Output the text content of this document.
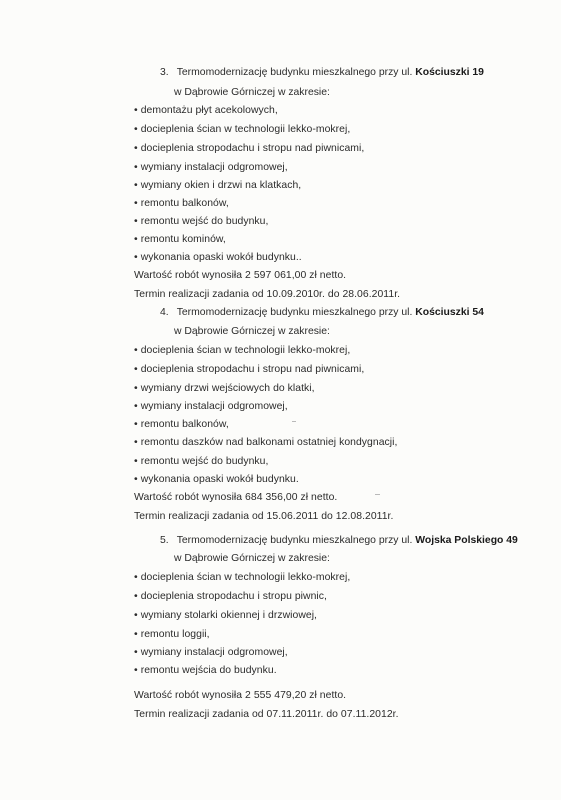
3. Termomodernizację budynku mieszkalnego przy ul. Kościuszki 19
w Dąbrowie Górniczej w zakresie:
• demontażu płyt acekolowych,
• docieplenia ścian w technologii lekko-mokrej,
• docieplenia stropodachu i stropu nad piwnicami,
• wymiany instalacji odgromowej,
• wymiany okien i drzwi na klatkach,
• remontu balkonów,
• remontu wejść do budynku,
• remontu kominów,
• wykonania opaski wokół budynku..
Wartość robót wynosiła 2 597 061,00 zł netto.
Termin realizacji zadania od 10.09.2010r. do 28.06.2011r.
4. Termomodernizację budynku mieszkalnego przy ul. Kościuszki 54
w Dąbrowie Górniczej w zakresie:
• docieplenia ścian w technologii lekko-mokrej,
• docieplenia stropodachu i stropu nad piwnicami,
• wymiany drzwi wejściowych do klatki,
• wymiany instalacji odgromowej,
• remontu balkonów,
• remontu daszków nad balkonami ostatniej kondygnacji,
• remontu wejść do budynku,
• wykonania opaski wokół budynku.
Wartość robót wynosiła 684 356,00 zł netto.
Termin realizacji zadania od 15.06.2011 do 12.08.2011r.
5. Termomodernizację budynku mieszkalnego przy ul. Wojska Polskiego 49
w Dąbrowie Górniczej w zakresie:
• docieplenia ścian w technologii lekko-mokrej,
• docieplenia stropodachu i stropu piwnic,
• wymiany stolarki okiennej i drzwiowej,
• remontu loggii,
• wymiany instalacji odgromowej,
• remontu wejścia do budynku.
Wartość robót wynosiła 2 555 479,20 zł netto.
Termin realizacji zadania od 07.11.2011r. do 07.11.2012r.
